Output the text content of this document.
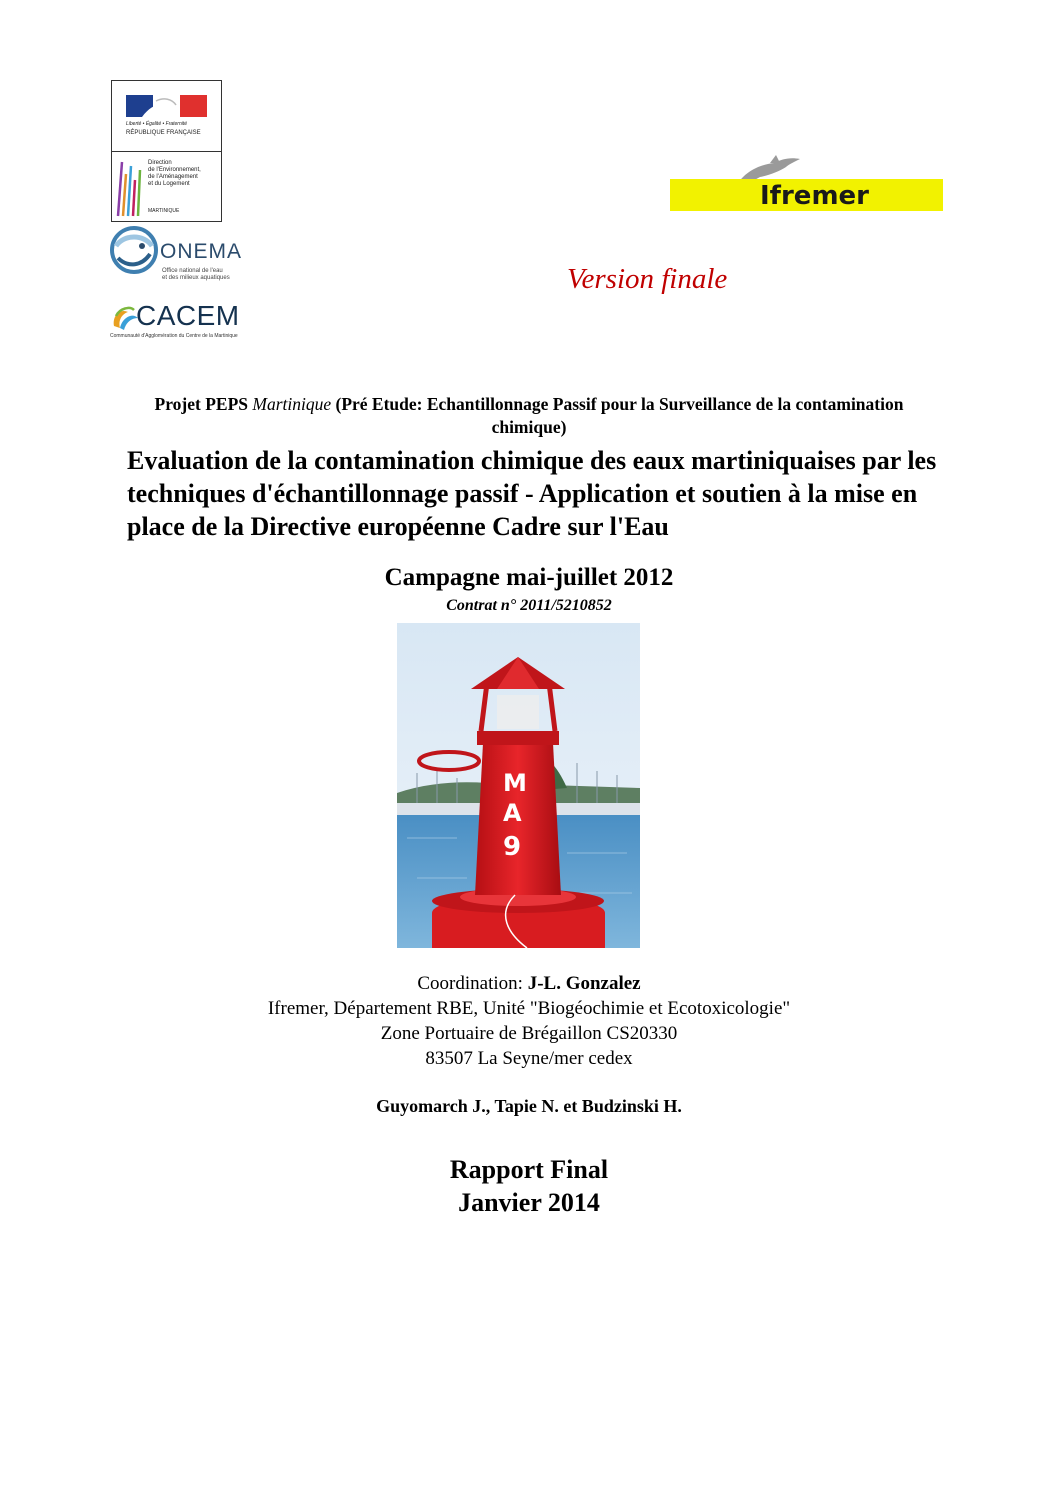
Liberté • Égalité • Fraternité
RÉPUBLIQUE FRANÇAISE
Direction
de l'Environnement,
de l'Aménagement
et du Logement
MARTINIQUE
ONEMA
Office national de l'eau
et des milieux aquatiques
CACEM
Communauté d'Agglomération du Centre de la Martinique
Ifremer
Version finale
Projet PEPS Martinique (Pré Etude: Echantillonnage Passif pour la Surveillance de la contamination chimique)
Evaluation de la contamination chimique des eaux martiniquaises par les techniques d'échantillonnage passif - Application et soutien à la mise en place de la Directive européenne Cadre sur l'Eau
Campagne mai-juillet 2012
Contrat n° 2011/5210852
M
A
9
Coordination: J-L. Gonzalez
Ifremer, Département RBE, Unité "Biogéochimie et Ecotoxicologie"
Zone Portuaire de Brégaillon CS20330
83507 La Seyne/mer cedex
Guyomarch J., Tapie N. et Budzinski H.
Rapport Final
Janvier 2014
